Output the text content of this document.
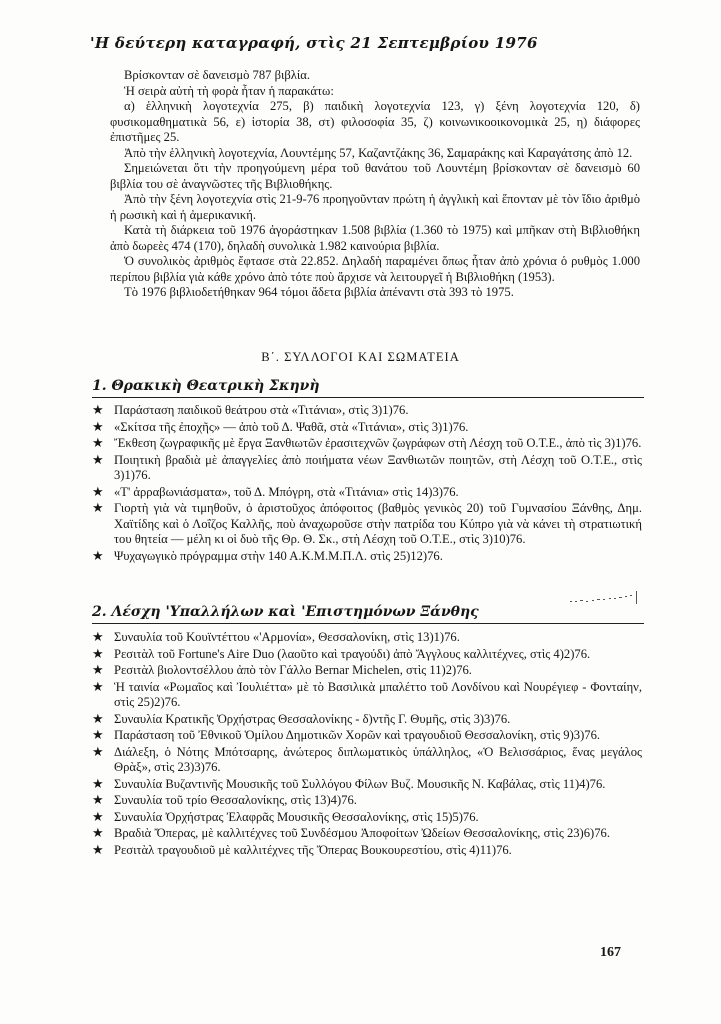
'Η δεύτερη καταγραφή, στὶς 21 Σεπτεμβρίου 1976

Βρίσκονταν σὲ δανεισμὸ 787 βιβλία.

Ἡ σειρὰ αὐτὴ τὴ φορὰ ἦταν ἡ παρακάτω:

α) ἑλληνικὴ λογοτεχνία 275, β) παιδικὴ λογοτεχνία 123, γ) ξένη λογοτεχνία 120, δ) φυσικομαθηματικὰ 56, ε) ἱστορία 38, στ) φιλοσοφία 35, ζ) κοινωνικοοικονομικὰ 25, η) διάφορες ἐπιστῆμες 25.

Ἀπὸ τὴν ἑλληνικὴ λογοτεχνία, Λουντέμης 57, Καζαντζάκης 36, Σαμαράκης καὶ Καραγάτσης ἀπὸ 12.

Σημειώνεται ὅτι τὴν προηγούμενη μέρα τοῦ θανάτου τοῦ Λουντέμη βρίσκονταν σὲ δανεισμὸ 60 βιβλία του σὲ ἀναγνῶστες τῆς Βιβλιοθήκης.

Ἀπὸ τὴν ξένη λογοτεχνία στὶς 21-9-76 προηγοῦνταν πρώτη ἡ ἀγγλικὴ καὶ ἕπονταν μὲ τὸν ἴδιο ἀριθμὸ ἡ ρωσικὴ καὶ ἡ ἀμερικανική.

Κατὰ τὴ διάρκεια τοῦ 1976 ἀγοράστηκαν 1.508 βιβλία (1.360 τὸ 1975) καὶ μπῆκαν στὴ Βιβλιοθήκη ἀπὸ δωρεὲς 474 (170), δηλαδὴ συνολικὰ 1.982 καινούρια βιβλία.

Ὁ συνολικὸς ἀριθμὸς ἔφτασε στὰ 22.852. Δηλαδὴ παραμένει ὅπως ἦταν ἀπὸ χρόνια ὁ ρυθμὸς 1.000 περίπου βιβλία γιὰ κάθε χρόνο ἀπὸ τότε ποὺ ἄρχισε νὰ λειτουργεῖ ἡ Βιβλιοθήκη (1953).

Τὸ 1976 βιβλιοδετήθηκαν 964 τόμοι ἄδετα βιβλία ἀπέναντι στὰ 393 τὸ 1975.

Β΄. ΣΥΛΛΟΓΟΙ ΚΑΙ ΣΩΜΑΤΕΙΑ
1. Θρακικὴ Θεατρικὴ Σκηνὴ
★ Παράσταση παιδικοῦ θεάτρου στὰ «Τιτάνια», στὶς 3)1)76.
★ «Σκίτσα τῆς ἐποχῆς» — ἀπὸ τοῦ Δ. Ψαθᾶ, στὰ «Τιτάνια», στὶς 3)1)76.
★ Ἔκθεση ζωγραφικῆς μὲ ἔργα Ξανθιωτῶν ἐρασιτεχνῶν ζωγράφων στὴ Λέσχη τοῦ Ο.Τ.Ε., ἀπὸ τὶς 3)1)76.
★ Ποιητικὴ βραδιὰ μὲ ἀπαγγελίες ἀπὸ ποιήματα νέων Ξανθιωτῶν ποιητῶν, στὴ Λέσχη τοῦ Ο.Τ.Ε., στὶς 3)1)76.
★ «Τ' ἀρραβωνιάσματα», τοῦ Δ. Μπόγρη, στὰ «Τιτάνια» στὶς 14)3)76.
★ Γιορτὴ γιὰ νὰ τιμηθοῦν, ὁ ἀριστοῦχος ἀπόφοιτος (βαθμὸς γενικὸς 20) τοῦ Γυμνασίου Ξάνθης, Δημ. Χαϊτίδης καὶ ὁ Λοΐζος Καλλῆς, ποὺ ἀναχωροῦσε στὴν πατρίδα του Κύπρο γιὰ νὰ κάνει τὴ στρατιωτική του θητεία — μέλη κι οἱ δυὸ τῆς Θρ. Θ. Σκ., στὴ Λέσχη τοῦ Ο.Τ.Ε., στὶς 3)10)76.
★ Ψυχαγωγικὸ πρόγραμμα στὴν 140 Α.Κ.Μ.Μ.Π.Λ. στὶς 25)12)76.
2. Λέσχη 'Υπαλλήλων καὶ 'Επιστημόνων Ξάνθης
★ Συναυλία τοῦ Κουϊντέττου «'Αρμονία», Θεσσαλονίκη, στὶς 13)1)76.
★ Ρεσιτὰλ τοῦ Fortune's Aire Duo (λαοῦτο καὶ τραγούδι) ἀπὸ Ἄγγλους καλλιτέχνες, στὶς 4)2)76.
★ Ρεσιτὰλ βιολοντσέλλου ἀπὸ τὸν Γάλλο Bernar Michelen, στὶς 11)2)76.
★ Ἡ ταινία «Ρωμαῖος καὶ Ἰουλιέττα» μὲ τὸ Βασιλικὰ μπαλέττο τοῦ Λονδίνου καὶ Νουρέγιεφ - Φονταίην, στὶς 25)2)76.
★ Συναυλία Κρατικῆς Ὀρχήστρας Θεσσαλονίκης - δ)ντῆς Γ. Θυμῆς, στὶς 3)3)76.
★ Παράσταση τοῦ Ἐθνικοῦ Ὁμίλου Δημοτικῶν Χορῶν καὶ τραγουδιοῦ Θεσσαλονίκη, στὶς 9)3)76.
★ Διάλεξη, ὁ Νότης Μπότσαρης, ἀνώτερος διπλωματικὸς ὑπάλληλος, «Ὁ Βελισσάριος, ἕνας μεγάλος Θρὰξ», στὶς 23)3)76.
★ Συναυλία Βυζαντινῆς Μουσικῆς τοῦ Συλλόγου Φίλων Βυζ. Μουσικῆς Ν. Καβάλας, στὶς 11)4)76.
★ Συναυλία τοῦ τρίο Θεσσαλονίκης, στὶς 13)4)76.
★ Συναυλία Ὀρχήστρας Ἐλαφρᾶς Μουσικῆς Θεσσαλονίκης, στὶς 15)5)76.
★ Βραδιὰ Ὄπερας, μὲ καλλιτέχνες τοῦ Συνδέσμου Ἀποφοίτων Ὠδείων Θεσσαλονίκης, στὶς 23)6)76.
★ Ρεσιτὰλ τραγουδιοῦ μὲ καλλιτέχνες τῆς Ὄπερας Βουκουρεστίου, στὶς 4)11)76.
167
